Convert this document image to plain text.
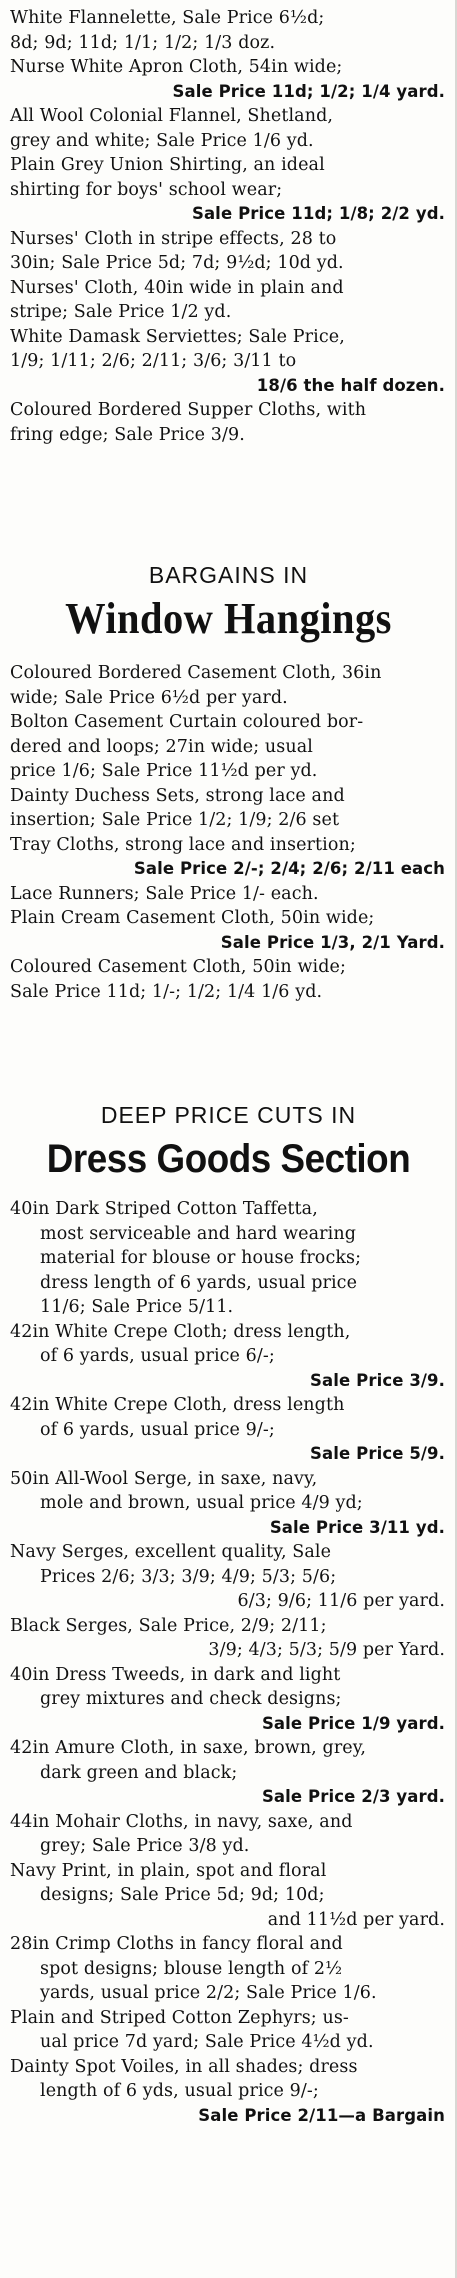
White Flannelette, Sale Price 6½d;
8d; 9d; 11d; 1/1; 1/2; 1/3 doz.
Nurse White Apron Cloth, 54in wide;
Sale Price 11d; 1/2; 1/4 yard.
All Wool Colonial Flannel, Shetland,
grey and white; Sale Price 1/6 yd.
Plain Grey Union Shirting, an ideal
shirting for boys' school wear;
Sale Price 11d; 1/8; 2/2 yd.
Nurses' Cloth in stripe effects, 28 to
30in; Sale Price 5d; 7d; 9½d; 10d yd.
Nurses' Cloth, 40in wide in plain and
stripe; Sale Price 1/2 yd.
White Damask Serviettes; Sale Price,
1/9; 1/11; 2/6; 2/11; 3/6; 3/11 to
18/6 the half dozen.
Coloured Bordered Supper Cloths, with
fring edge; Sale Price 3/9.
BARGAINS IN
Window Hangings
Coloured Bordered Casement Cloth, 36in
wide; Sale Price 6½d per yard.
Bolton Casement Curtain coloured bor-
dered and loops; 27in wide; usual
price 1/6; Sale Price 11½d per yd.
Dainty Duchess Sets, strong lace and
insertion; Sale Price 1/2; 1/9; 2/6 set
Tray Cloths, strong lace and insertion;
Sale Price 2/-; 2/4; 2/6; 2/11 each
Lace Runners; Sale Price 1/- each.
Plain Cream Casement Cloth, 50in wide;
Sale Price 1/3, 2/1 Yard.
Coloured Casement Cloth, 50in wide;
Sale Price 11d; 1/-; 1/2; 1/4 1/6 yd.
DEEP PRICE CUTS IN
Dress Goods Section
40in Dark Striped Cotton Taffetta,
most serviceable and hard wearing
material for blouse or house frocks;
dress length of 6 yards, usual price
11/6; Sale Price 5/11.
42in White Crepe Cloth; dress length,
of 6 yards, usual price 6/-;
Sale Price 3/9.
42in White Crepe Cloth, dress length
of 6 yards, usual price 9/-;
Sale Price 5/9.
50in All-Wool Serge, in saxe, navy,
mole and brown, usual price 4/9 yd;
Sale Price 3/11 yd.
Navy Serges, excellent quality, Sale
Prices 2/6; 3/3; 3/9; 4/9; 5/3; 5/6;
6/3; 9/6; 11/6 per yard.
Black Serges, Sale Price, 2/9; 2/11;
3/9; 4/3; 5/3; 5/9 per Yard.
40in Dress Tweeds, in dark and light
grey mixtures and check designs;
Sale Price 1/9 yard.
42in Amure Cloth, in saxe, brown, grey,
dark green and black;
Sale Price 2/3 yard.
44in Mohair Cloths, in navy, saxe, and
grey; Sale Price 3/8 yd.
Navy Print, in plain, spot and floral
designs; Sale Price 5d; 9d; 10d;
and 11½d per yard.
28in Crimp Cloths in fancy floral and
spot designs; blouse length of 2½
yards, usual price 2/2; Sale Price 1/6.
Plain and Striped Cotton Zephyrs; us-
ual price 7d yard; Sale Price 4½d yd.
Dainty Spot Voiles, in all shades; dress
length of 6 yds, usual price 9/-;
Sale Price 2/11—a Bargain
